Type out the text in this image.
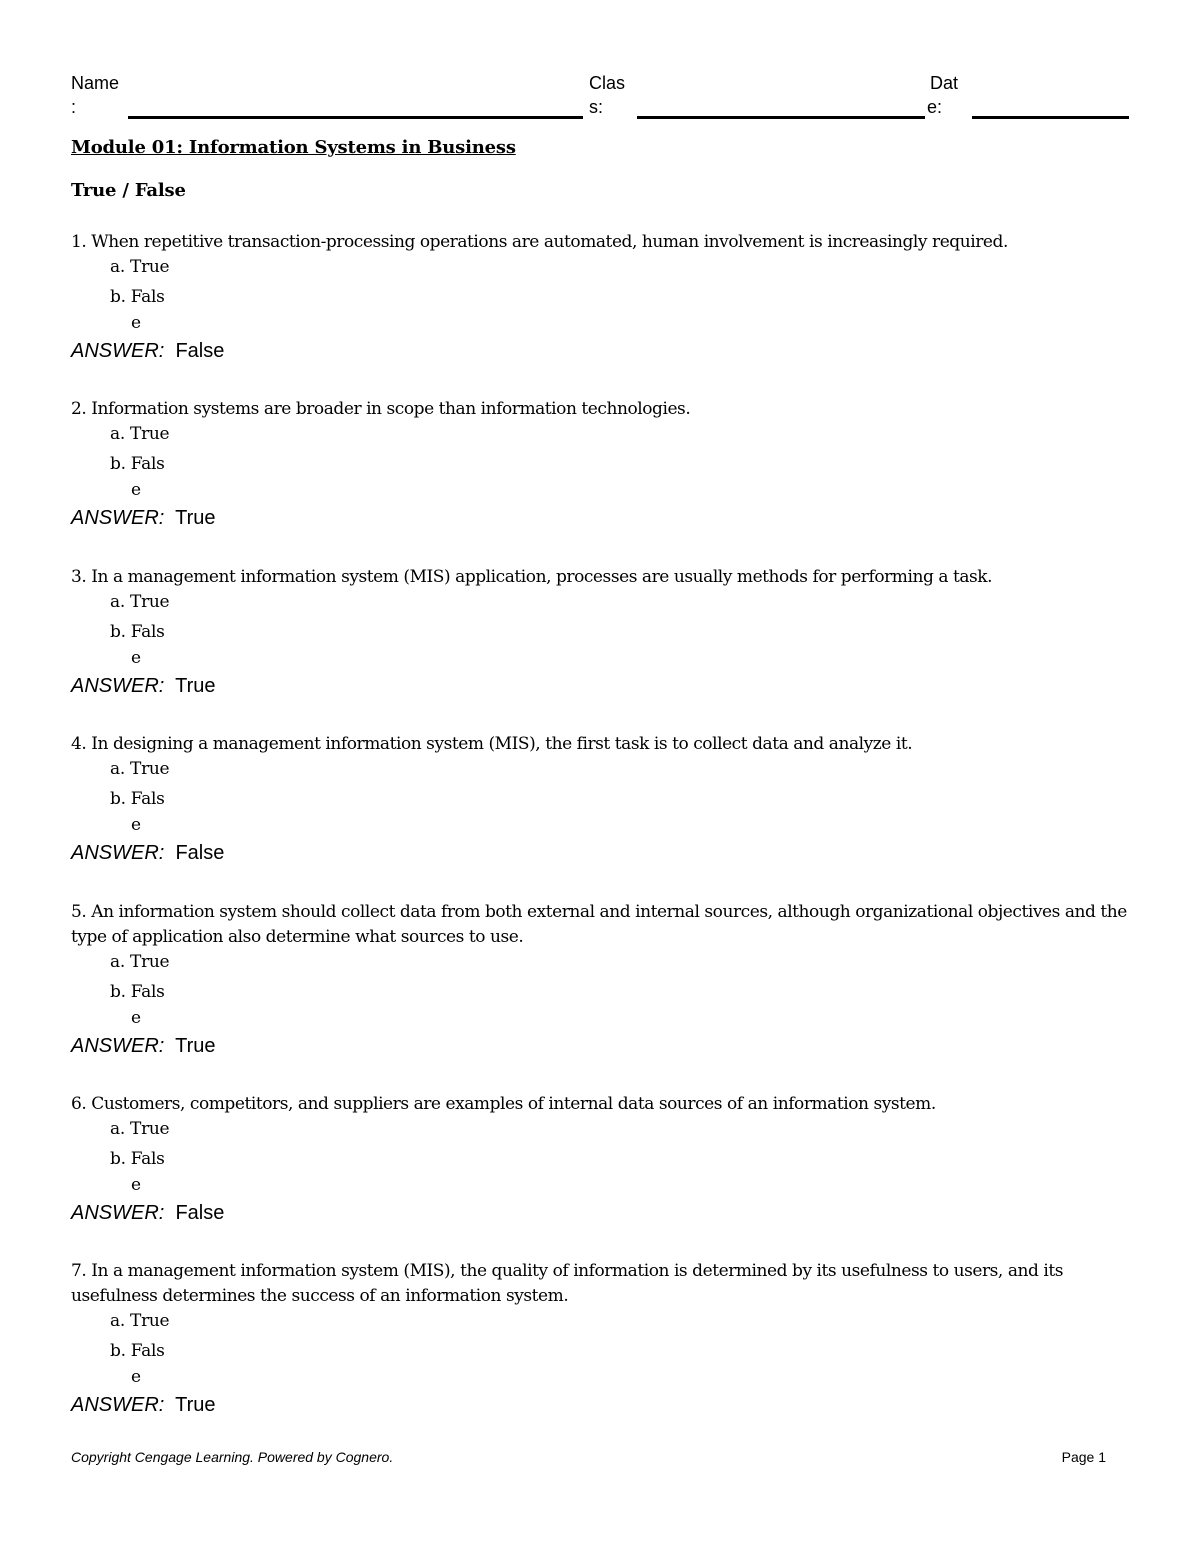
Name
:
Clas
s:
Dat
e:
Module 01: Information Systems in Business
True / False

1. When repetitive transaction-processing operations are automated, human involvement is increasingly required.

a. True
b. Fals
e
ANSWER: False

2. Information systems are broader in scope than information technologies.

a. True
b. Fals
e
ANSWER: True

3. In a management information system (MIS) application, processes are usually methods for performing a task.

a. True
b. Fals
e
ANSWER: True

4. In designing a management information system (MIS), the first task is to collect data and analyze it.

a. True
b. Fals
e
ANSWER: False

5. An information system should collect data from both external and internal sources, although organizational objectives and the type of application also determine what sources to use.

a. True
b. Fals
e
ANSWER: True

6. Customers, competitors, and suppliers are examples of internal data sources of an information system.

a. True
b. Fals
e
ANSWER: False

7. In a management information system (MIS), the quality of information is determined by its usefulness to users, and its usefulness determines the success of an information system.

a. True
b. Fals
e
ANSWER: True
Copyright Cengage Learning. Powered by Cognero.	Page 1
